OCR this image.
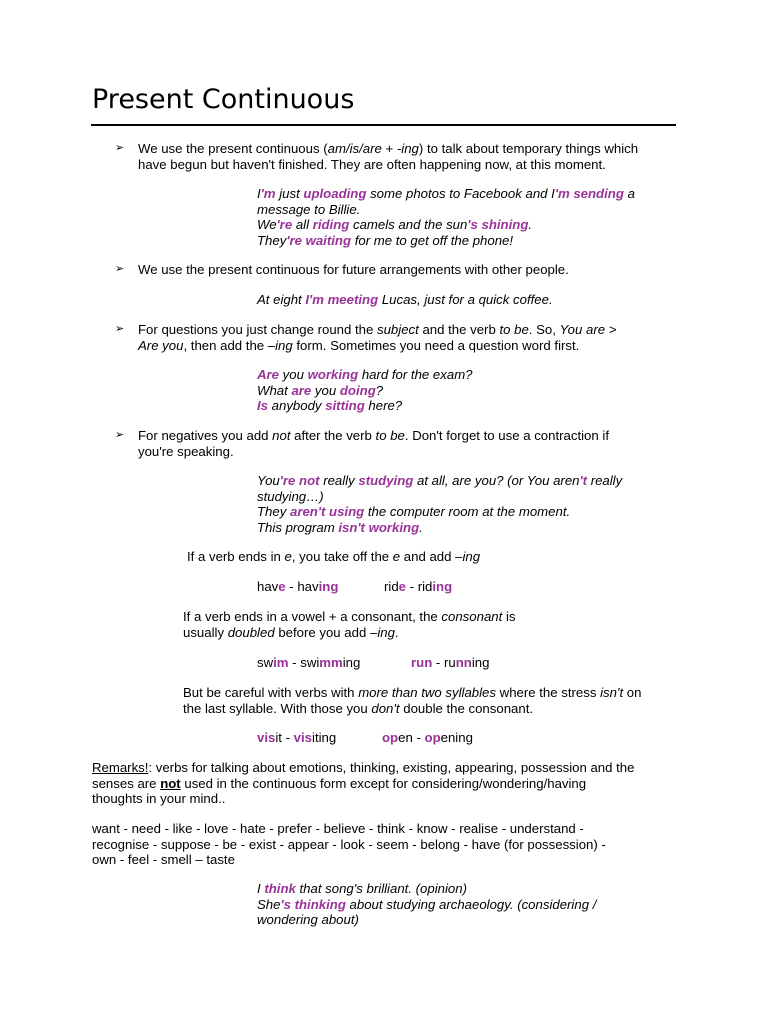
Present Continuous
➢ We use the present continuous (am/is/are + -ing) to talk about temporary things which
have begun but haven't finished. They are often happening now, at this moment.
I'm just uploading some photos to Facebook and I'm sending a
message to Billie.
We're all riding camels and the sun's shining.
They're waiting for me to get off the phone!
➢ We use the present continuous for future arrangements with other people.
At eight I'm meeting Lucas, just for a quick coffee.
➢ For questions you just change round the subject and the verb to be. So, You are >
Are you, then add the –ing form. Sometimes you need a question word first.
Are you working hard for the exam?
What are you doing?
Is anybody sitting here?
➢ For negatives you add not after the verb to be. Don't forget to use a contraction if
you're speaking.
You're not really studying at all, are you? (or You aren't really
studying…)
They aren't using the computer room at the moment.
This program isn't working.
If a verb ends in e, you take off the e and add –ing
have - having	ride - riding
If a verb ends in a vowel + a consonant, the consonant is
usually doubled before you add –ing.
swim - swimming	run - running
But be careful with verbs with more than two syllables where the stress isn't on
the last syllable. With those you don't double the consonant.
visit - visiting	open - opening
Remarks!: verbs for talking about emotions, thinking, existing, appearing, possession and the
senses are not used in the continuous form except for considering/wondering/having
thoughts in your mind..
want - need - like - love - hate - prefer - believe - think - know - realise - understand -
recognise - suppose - be - exist - appear - look - seem - belong - have (for possession) -
own - feel - smell – taste
I think that song's brilliant. (opinion)
She's thinking about studying archaeology. (considering /
wondering about)
